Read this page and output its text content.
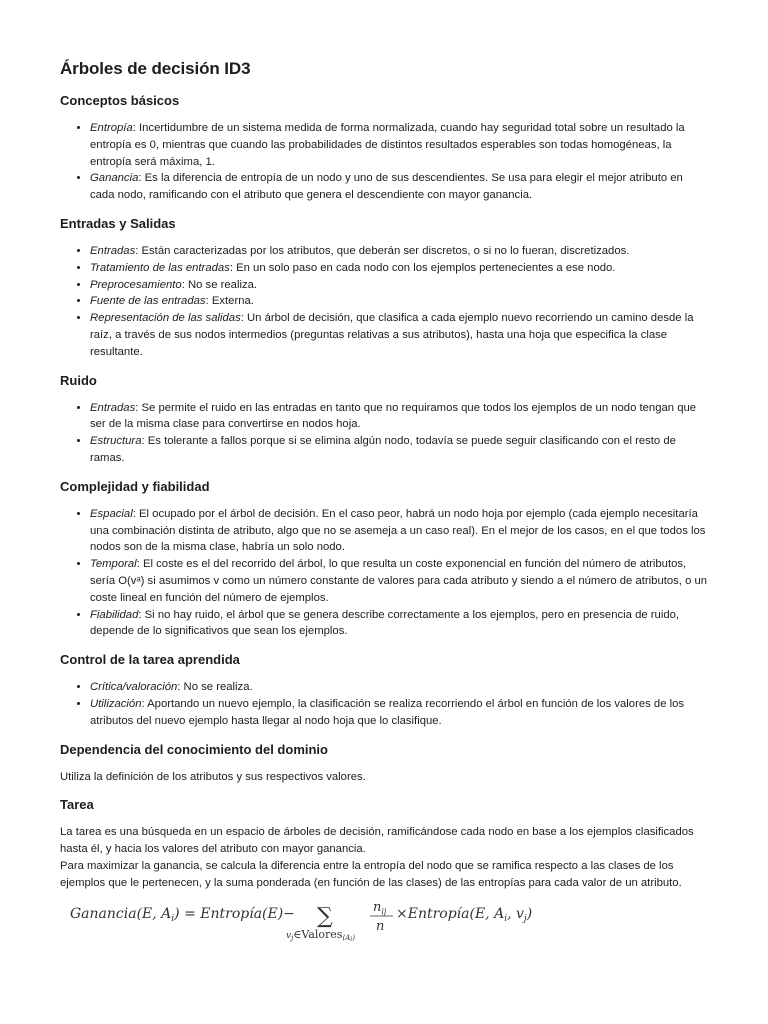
Árboles de decisión ID3
Conceptos básicos
• Entropía: Incertidumbre de un sistema medida de forma normalizada, cuando hay seguridad total sobre un resultado la entropía es 0, mientras que cuando las probabilidades de distintos resultados esperables son todas homogéneas, la entropía será máxima, 1.
• Ganancia: Es la diferencia de entropía de un nodo y uno de sus descendientes. Se usa para elegir el mejor atributo en cada nodo, ramificando con el atributo que genera el descendiente con mayor ganancia.
Entradas y Salidas
• Entradas: Están caracterizadas por los atributos, que deberán ser discretos, o si no lo fueran, discretizados.
• Tratamiento de las entradas: En un solo paso en cada nodo con los ejemplos pertenecientes a ese nodo.
• Preprocesamiento: No se realiza.
• Fuente de las entradas: Externa.
• Representación de las salidas: Un árbol de decisión, que clasifica a cada ejemplo nuevo recorriendo un camino desde la raíz, a través de sus nodos intermedios (preguntas relativas a sus atributos), hasta una hoja que especifica la clase resultante.
Ruido
• Entradas: Se permite el ruido en las entradas en tanto que no requiramos que todos los ejemplos de un nodo tengan que ser de la misma clase para convertirse en nodos hoja.
• Estructura: Es tolerante a fallos porque si se elimina algún nodo, todavía se puede seguir clasificando con el resto de ramas.
Complejidad y fiabilidad
• Espacial: El ocupado por el árbol de decisión. En el caso peor, habrá un nodo hoja por ejemplo (cada ejemplo necesitaría una combinación distinta de atributo, algo que no se asemeja a un caso real). En el mejor de los casos, en el que todos los nodos son de la misma clase, habría un solo nodo.
• Temporal: El coste es el del recorrido del árbol, lo que resulta un coste exponencial en función del número de atributos, sería O(vᵃ) si asumimos v como un número constante de valores para cada atributo y siendo a el número de atributos, o un coste lineal en función del número de ejemplos.
• Fiabilidad: Si no hay ruido, el árbol que se genera describe correctamente a los ejemplos, pero en presencia de ruido, depende de lo significativos que sean los ejemplos.
Control de la tarea aprendida
• Crítica/valoración: No se realiza.
• Utilización: Aportando un nuevo ejemplo, la clasificación se realiza recorriendo el árbol en función de los valores de los atributos del nuevo ejemplo hasta llegar al nodo hoja que lo clasifique.
Dependencia del conocimiento del dominio

Utiliza la definición de los atributos y sus respectivos valores.

Tarea

La tarea es una búsqueda en un espacio de árboles de decisión, ramificándose cada nodo en base a los ejemplos clasificados hasta él, y hacia los valores del atributo con mayor ganancia.

Para maximizar la ganancia, se calcula la diferencia entre la entropía del nodo que se ramifica respecto a las clases de los ejemplos que le pertenecen, y la suma ponderada (en función de las clases) de las entropías para cada valor de un atributo.

Ganancia(E, $A_i$) = Entropía(E)− ∑
$v_j\in Valores_{(A}i$)
$n_{ij}$
n
×Entropía(E, $A_i$, $v_j$)
